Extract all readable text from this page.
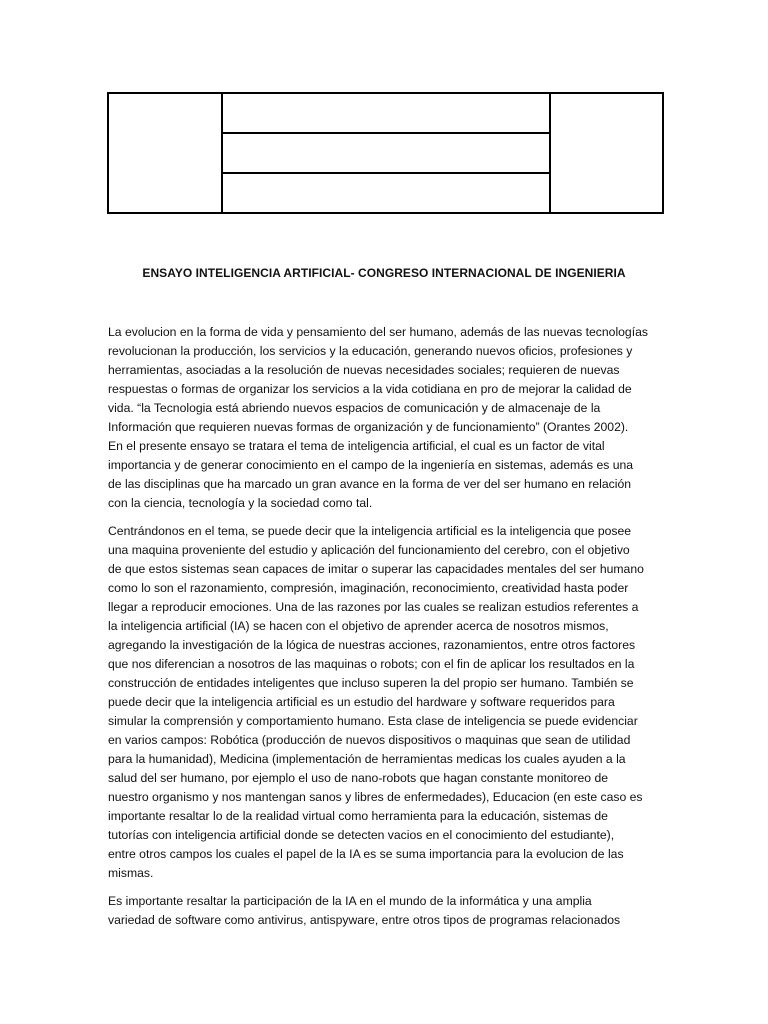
ENSAYO INTELIGENCIA ARTIFICIAL- CONGRESO INTERNACIONAL DE INGENIERIA

La evolucion en la forma de vida y pensamiento del ser humano, además de las nuevas tecnologías
revolucionan la producción, los servicios y la educación, generando nuevos oficios, profesiones y
herramientas, asociadas a la resolución de nuevas necesidades sociales; requieren de nuevas
respuestas o formas de organizar los servicios a la vida cotidiana en pro de mejorar la calidad de
vida. “la Tecnologia está abriendo nuevos espacios de comunicación y de almacenaje de la
Información que requieren nuevas formas de organización y de funcionamiento” (Orantes 2002).
En el presente ensayo se tratara el tema de inteligencia artificial, el cual es un factor de vital
importancia y de generar conocimiento en el campo de la ingeniería en sistemas, además es una
de las disciplinas que ha marcado un gran avance en la forma de ver del ser humano en relación
con la ciencia, tecnología y la sociedad como tal.

Centrándonos en el tema, se puede decir que la inteligencia artificial es la inteligencia que posee
una maquina proveniente del estudio y aplicación del funcionamiento del cerebro, con el objetivo
de que estos sistemas sean capaces de imitar o superar las capacidades mentales del ser humano
como lo son el razonamiento, compresión, imaginación, reconocimiento, creatividad hasta poder
llegar a reproducir emociones. Una de las razones por las cuales se realizan estudios referentes a
la inteligencia artificial (IA) se hacen con el objetivo de aprender acerca de nosotros mismos,
agregando la investigación de la lógica de nuestras acciones, razonamientos, entre otros factores
que nos diferencian a nosotros de las maquinas o robots; con el fin de aplicar los resultados en la
construcción de entidades inteligentes que incluso superen la del propio ser humano. También se
puede decir que la inteligencia artificial es un estudio del hardware y software requeridos para
simular la comprensión y comportamiento humano. Esta clase de inteligencia se puede evidenciar
en varios campos: Robótica (producción de nuevos dispositivos o maquinas que sean de utilidad
para la humanidad), Medicina (implementación de herramientas medicas los cuales ayuden a la
salud del ser humano, por ejemplo el uso de nano-robots que hagan constante monitoreo de
nuestro organismo y nos mantengan sanos y libres de enfermedades), Educacion (en este caso es
importante resaltar lo de la realidad virtual como herramienta para la educación, sistemas de
tutorías con inteligencia artificial donde se detecten vacios en el conocimiento del estudiante),
entre otros campos los cuales el papel de la IA es se suma importancia para la evolucion de las
mismas.

Es importante resaltar la participación de la IA en el mundo de la informática y una amplia
variedad de software como antivirus, antispyware, entre otros tipos de programas relacionados
